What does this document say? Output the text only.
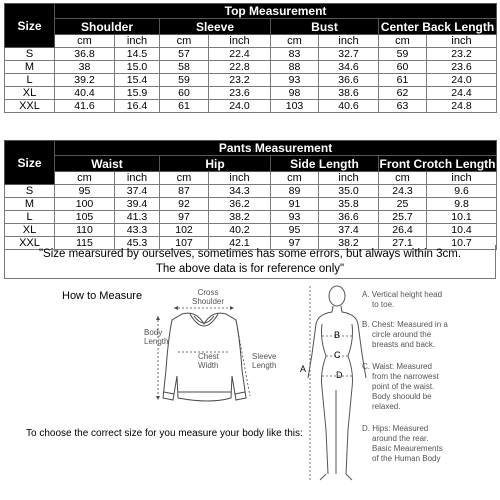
Size	Top Measurement							
	Shoulder		Sleeve		Bust		Center Back Length	
	cm	inch	cm	inch	cm	inch	cm	inch
S	36.8	14.5	57	22.4	83	32.7	59	23.2
M	38	15.0	58	22.8	88	34.6	60	23.6
L	39.2	15.4	59	23.2	93	36.6	61	24.0
XL	40.4	15.9	60	23.6	98	38.6	62	24.4
XXL	41.6	16.4	61	24.0	103	40.6	63	24.8
Size	Pants Measurement							
	Waist		Hip		Side Length		Front Crotch Length	
	cm	inch	cm	inch	cm	inch	cm	inch
S	95	37.4	87	34.3	89	35.0	24.3	9.6
M	100	39.4	92	36.2	91	35.8	25	9.8
L	105	41.3	97	38.2	93	36.6	25.7	10.1
XL	110	43.3	102	40.2	95	37.4	26.4	10.4
XXL	115	45.3	107	42.1	97	38.2	27.1	10.7
"Size mearsured by ourselves, sometimes has some errors, but always within 3cm.
The above data is for reference only"
How to Measure	Cross
Shoulder
Body
Length
Chest
Width
Sleeve
Length	A
B
C
D
A. Vertical height head
to toe.
B. Chest: Measured in a
circle around the
breasts and back.
C. Waist: Measured
from the narrowest
point of the waist.
Body shoould be
relaxed.
D. Hips: Measured
around the rear.
Basic Meaurements
of the Human Body
To choose the correct size for you measure your body like this:
